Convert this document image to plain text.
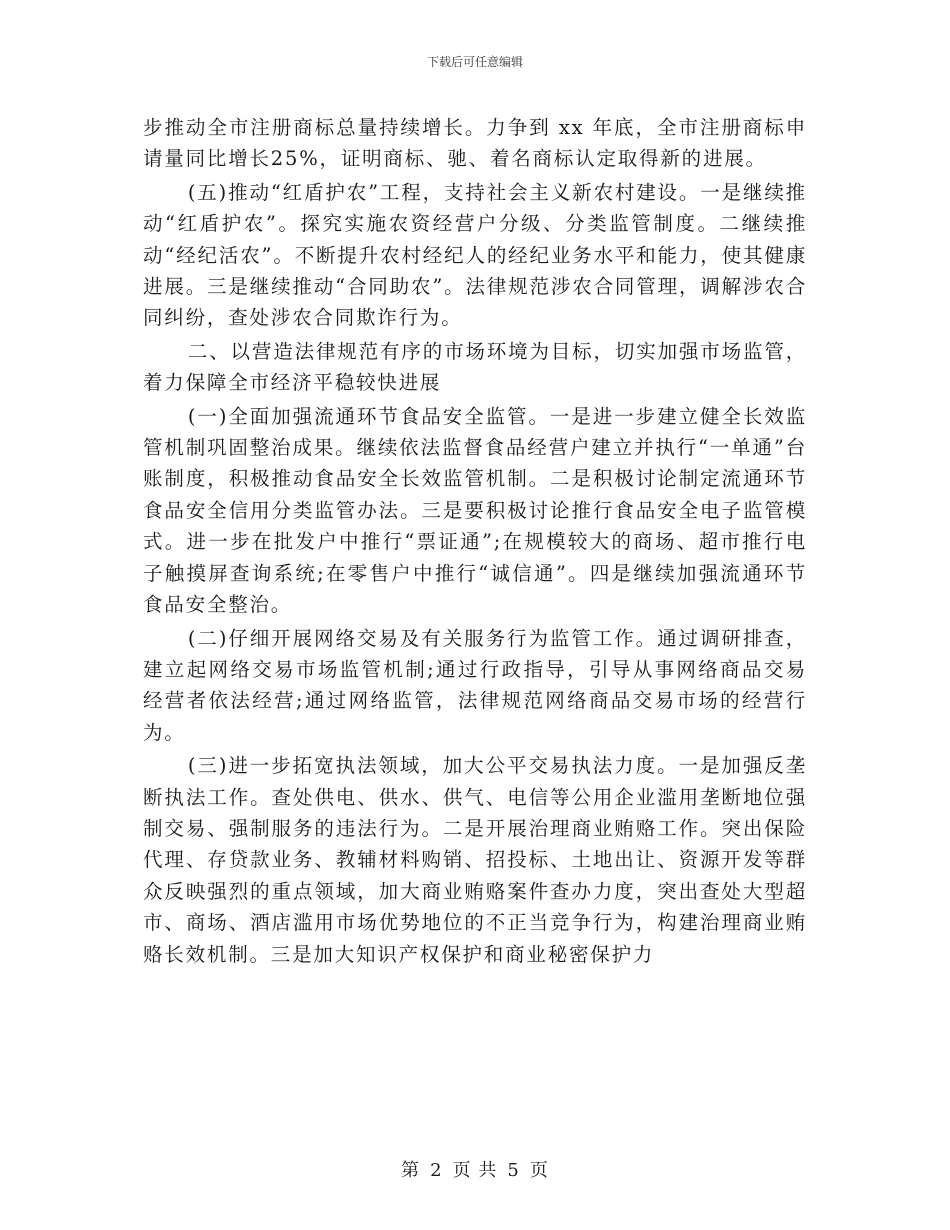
下载后可任意编辑

步推动全市注册商标总量持续增长。力争到 xx 年底，全市注册商标申请量同比增长25%，证明商标、驰、着名商标认定取得新的进展。

(五)推动“红盾护农”工程，支持社会主义新农村建设。一是继续推动“红盾护农”。探究实施农资经营户分级、分类监管制度。二继续推动“经纪活农”。不断提升农村经纪人的经纪业务水平和能力，使其健康进展。三是继续推动“合同助农”。法律规范涉农合同管理，调解涉农合同纠纷，查处涉农合同欺诈行为。

二、以营造法律规范有序的市场环境为目标，切实加强市场监管，着力保障全市经济平稳较快进展

(一)全面加强流通环节食品安全监管。一是进一步建立健全长效监管机制巩固整治成果。继续依法监督食品经营户建立并执行“一单通”台账制度，积极推动食品安全长效监管机制。二是积极讨论制定流通环节食品安全信用分类监管办法。三是要积极讨论推行食品安全电子监管模式。进一步在批发户中推行“票证通”;在规模较大的商场、超市推行电子触摸屏查询系统;在零售户中推行“诚信通”。四是继续加强流通环节食品安全整治。

(二)仔细开展网络交易及有关服务行为监管工作。通过调研排查，建立起网络交易市场监管机制;通过行政指导，引导从事网络商品交易经营者依法经营;通过网络监管，法律规范网络商品交易市场的经营行为。

(三)进一步拓宽执法领域，加大公平交易执法力度。一是加强反垄断执法工作。查处供电、供水、供气、电信等公用企业滥用垄断地位强制交易、强制服务的违法行为。二是开展治理商业贿赂工作。突出保险代理、存贷款业务、教辅材料购销、招投标、土地出让、资源开发等群众反映强烈的重点领域，加大商业贿赂案件查办力度，突出查处大型超市、商场、酒店滥用市场优势地位的不正当竞争行为，构建治理商业贿赂长效机制。三是加大知识产权保护和商业秘密保护力

第 2 页 共 5 页
